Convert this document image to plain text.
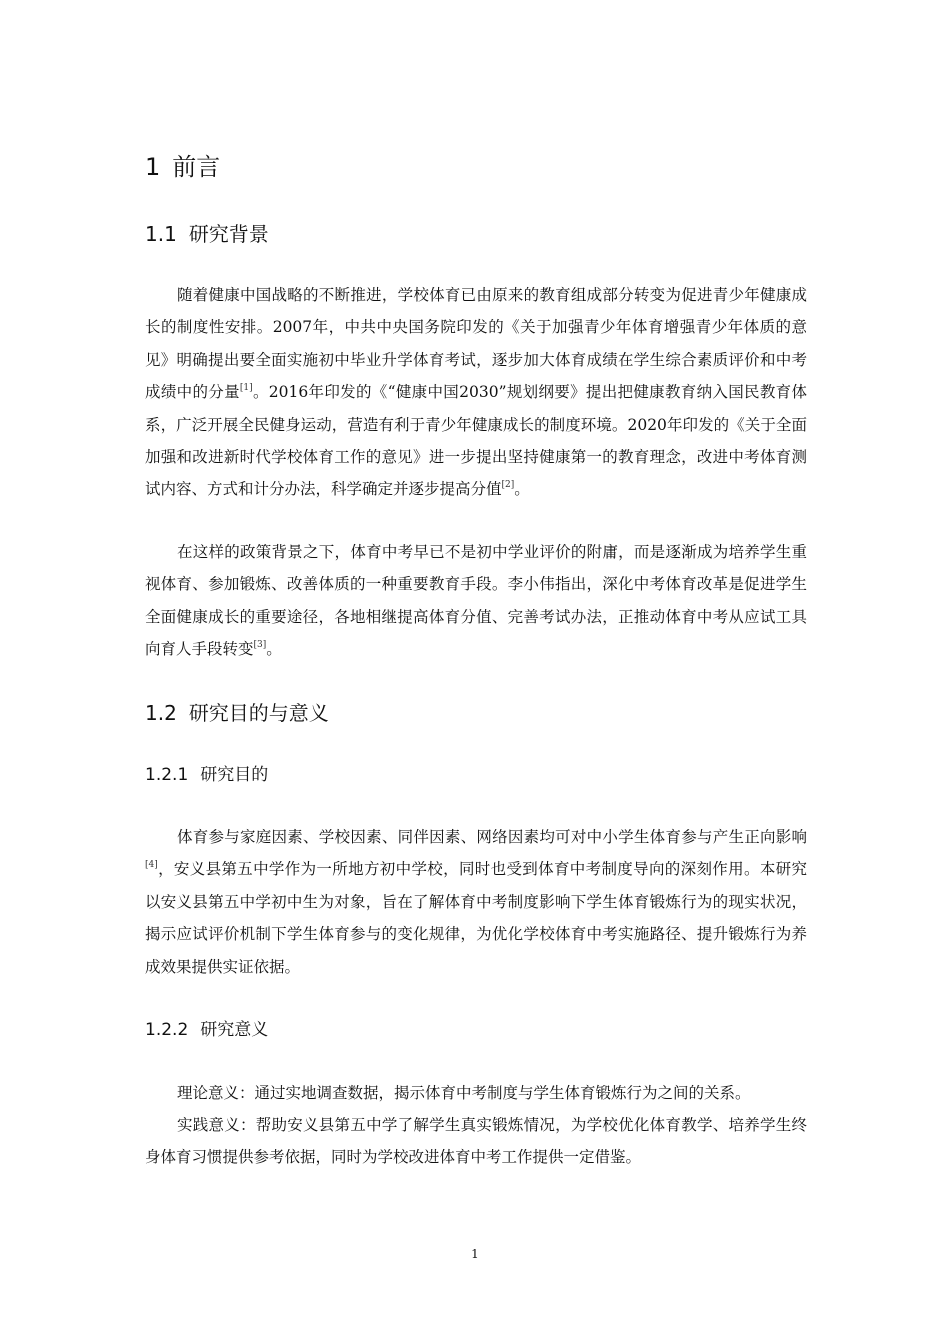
1 前言
1.1 研究背景

随着健康中国战略的不断推进，学校体育已由原来的教育组成部分转变为促进青少年健康成长的制度性安排。2007年，中共中央国务院印发的《关于加强青少年体育增强青少年体质的意见》明确提出要全面实施初中毕业升学体育考试，逐步加大体育成绩在学生综合素质评价和中考成绩中的分量[1]。2016年印发的《“健康中国2030”规划纲要》提出把健康教育纳入国民教育体系，广泛开展全民健身运动，营造有利于青少年健康成长的制度环境。2020年印发的《关于全面加强和改进新时代学校体育工作的意见》进一步提出坚持健康第一的教育理念，改进中考体育测试内容、方式和计分办法，科学确定并逐步提高分值[2]。

在这样的政策背景之下，体育中考早已不是初中学业评价的附庸，而是逐渐成为培养学生重视体育、参加锻炼、改善体质的一种重要教育手段。李小伟指出，深化中考体育改革是促进学生全面健康成长的重要途径，各地相继提高体育分值、完善考试办法，正推动体育中考从应试工具向育人手段转变[3]。

1.2 研究目的与意义
1.2.1 研究目的

体育参与家庭因素、学校因素、同伴因素、网络因素均可对中小学生体育参与产生正向影响[4]，安义县第五中学作为一所地方初中学校，同时也受到体育中考制度导向的深刻作用。本研究以安义县第五中学初中生为对象，旨在了解体育中考制度影响下学生体育锻炼行为的现实状况，揭示应试评价机制下学生体育参与的变化规律，为优化学校体育中考实施路径、提升锻炼行为养成效果提供实证依据。

1.2.2 研究意义

理论意义：通过实地调查数据，揭示体育中考制度与学生体育锻炼行为之间的关系。

实践意义：帮助安义县第五中学了解学生真实锻炼情况，为学校优化体育教学、培养学生终身体育习惯提供参考依据，同时为学校改进体育中考工作提供一定借鉴。

1
